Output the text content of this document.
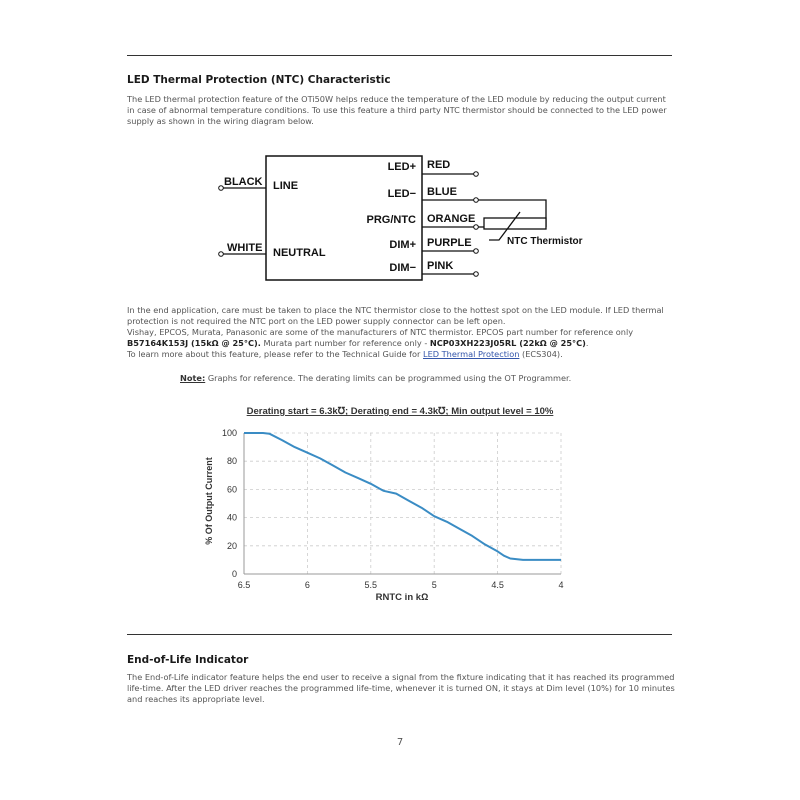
LED Thermal Protection (NTC) Characteristic
The LED thermal protection feature of the OTi50W helps reduce the temperature of the LED module by reducing the output current in case of abnormal temperature conditions. To use this feature a third party NTC thermistor should be connected to the LED power supply as shown in the wiring diagram below.
BLACK
WHITE
LINE
NEUTRAL
LED+
LED−
PRG/NTC
DIM+
DIM−
RED
BLUE
ORANGE
PURPLE
PINK
NTC Thermistor
In the end application, care must be taken to place the NTC thermistor close to the hottest spot on the LED module. If LED thermal protection is not required the NTC port on the LED power supply connector can be left open.
Vishay, EPCOS, Murata, Panasonic are some of the manufacturers of NTC thermistor. EPCOS part number for reference only
B57164K153J (15kΩ @ 25°C). Murata part number for reference only - NCP03XH223J05RL (22kΩ @ 25°C).
To learn more about this feature, please refer to the Technical Guide for LED Thermal Protection (ECS304).
Note: Graphs for reference. The derating limits can be programmed using the OT Programmer.
Derating start = 6.3k℧; Derating end = 4.3k℧; Min output level = 10%
RNTC in kΩ
% Of Output Current
0
20
40
60
80
100
6.5	6	5.5	5	4.5	4
End-of-Life Indicator
The End-of-Life indicator feature helps the end user to receive a signal from the fixture indicating that it has reached its programmed life-time. After the LED driver reaches the programmed life-time, whenever it is turned ON, it stays at Dim level (10%) for 10 minutes and reaches its appropriate level.
7
